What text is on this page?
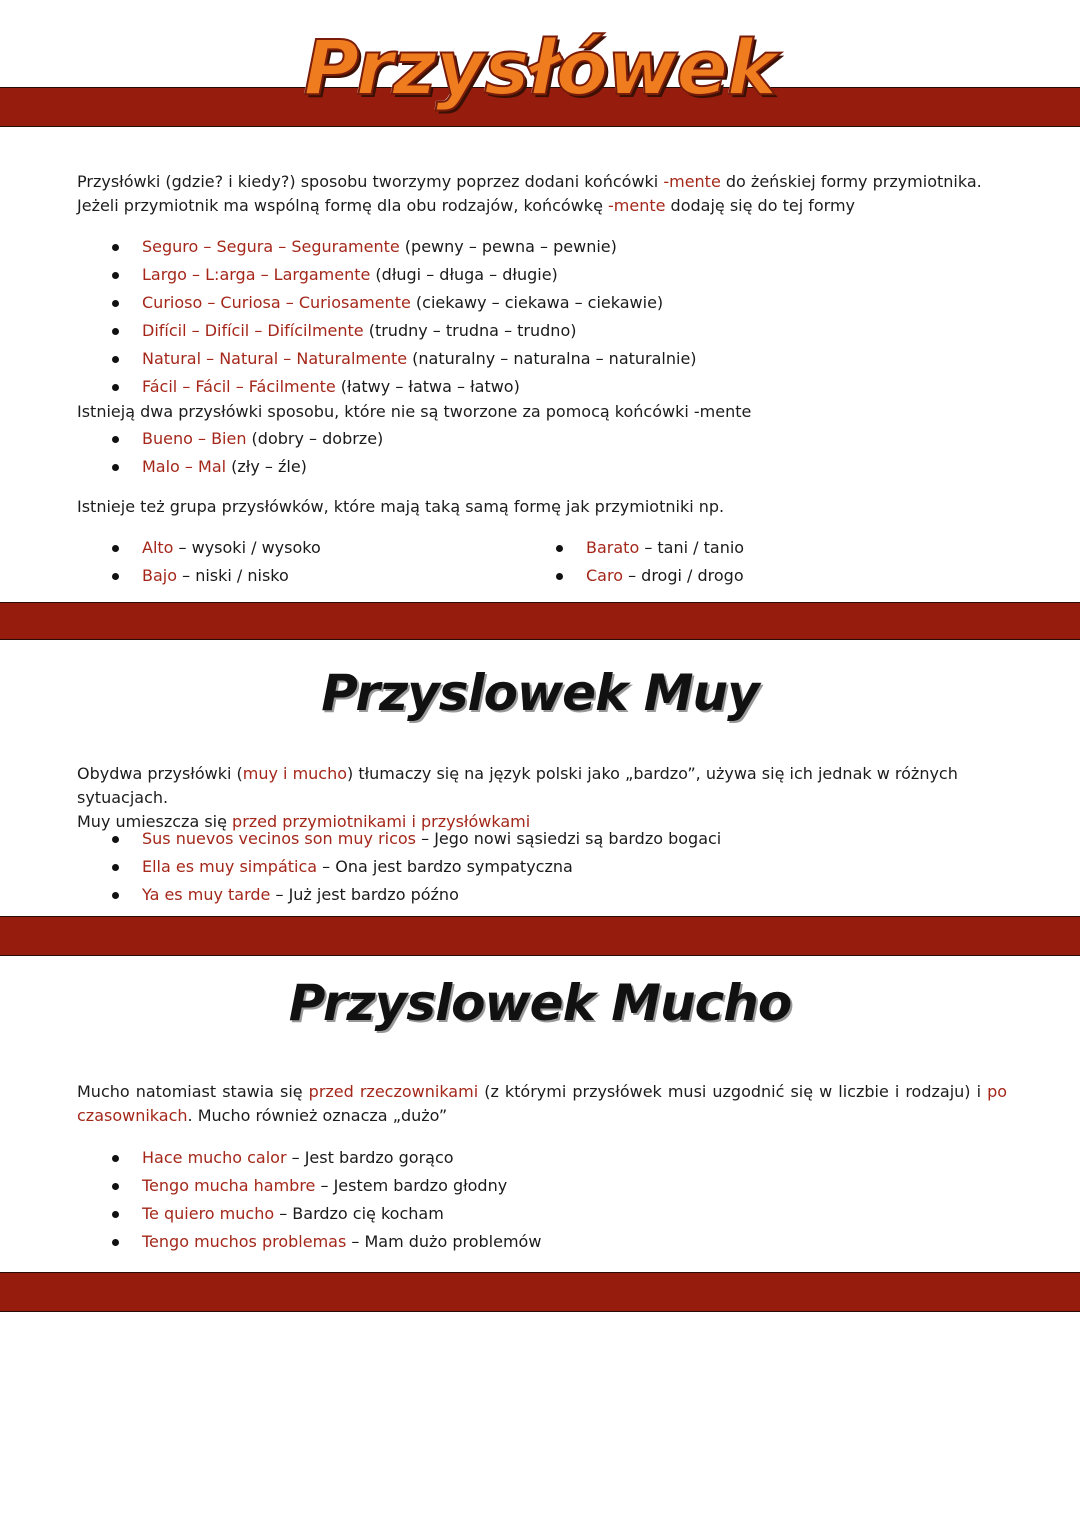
Przysłówek

Przysłówki (gdzie? i kiedy?) sposobu tworzymy poprzez dodani końcówki -mente do żeńskiej formy przymiotnika. Jeżeli przymiotnik ma wspólną formę dla obu rodzajów, końcówkę -mente dodaję się do tej formy

Seguro – Segura – Seguramente (pewny – pewna – pewnie)
Largo – L:arga – Largamente (długi – długa – długie)
Curioso – Curiosa – Curiosamente (ciekawy – ciekawa – ciekawie)
Difícil – Difícil – Difícilmente (trudny – trudna – trudno)
Natural – Natural – Naturalmente (naturalny – naturalna – naturalnie)
Fácil – Fácil – Fácilmente (łatwy – łatwa – łatwo)

Istnieją dwa przysłówki sposobu, które nie są tworzone za pomocą końcówki -mente

Bueno – Bien (dobry – dobrze)
Malo – Mal (zły – źle)

Istnieje też grupa przysłówków, które mają taką samą formę jak przymiotniki np.

Alto – wysoki / wysoko
Bajo – niski / nisko
Barato – tani / tanio
Caro – drogi / drogo
Przyslowek Muy

Obydwa przysłówki (muy i mucho) tłumaczy się na język polski jako „bardzo”, używa się ich jednak w różnych sytuacjach.
Muy umieszcza się przed przymiotnikami i przysłówkami

Sus nuevos vecinos son muy ricos – Jego nowi sąsiedzi są bardzo bogaci
Ella es muy simpática – Ona jest bardzo sympatyczna
Ya es muy tarde – Już jest bardzo późno
Przyslowek Mucho

Mucho natomiast stawia się przed rzeczownikami (z którymi przysłówek musi uzgodnić się w liczbie i rodzaju) i po czasownikach. Mucho również oznacza „dużo”

Hace mucho calor – Jest bardzo gorąco
Tengo mucha hambre – Jestem bardzo głodny
Te quiero mucho – Bardzo cię kocham
Tengo muchos problemas – Mam dużo problemów
